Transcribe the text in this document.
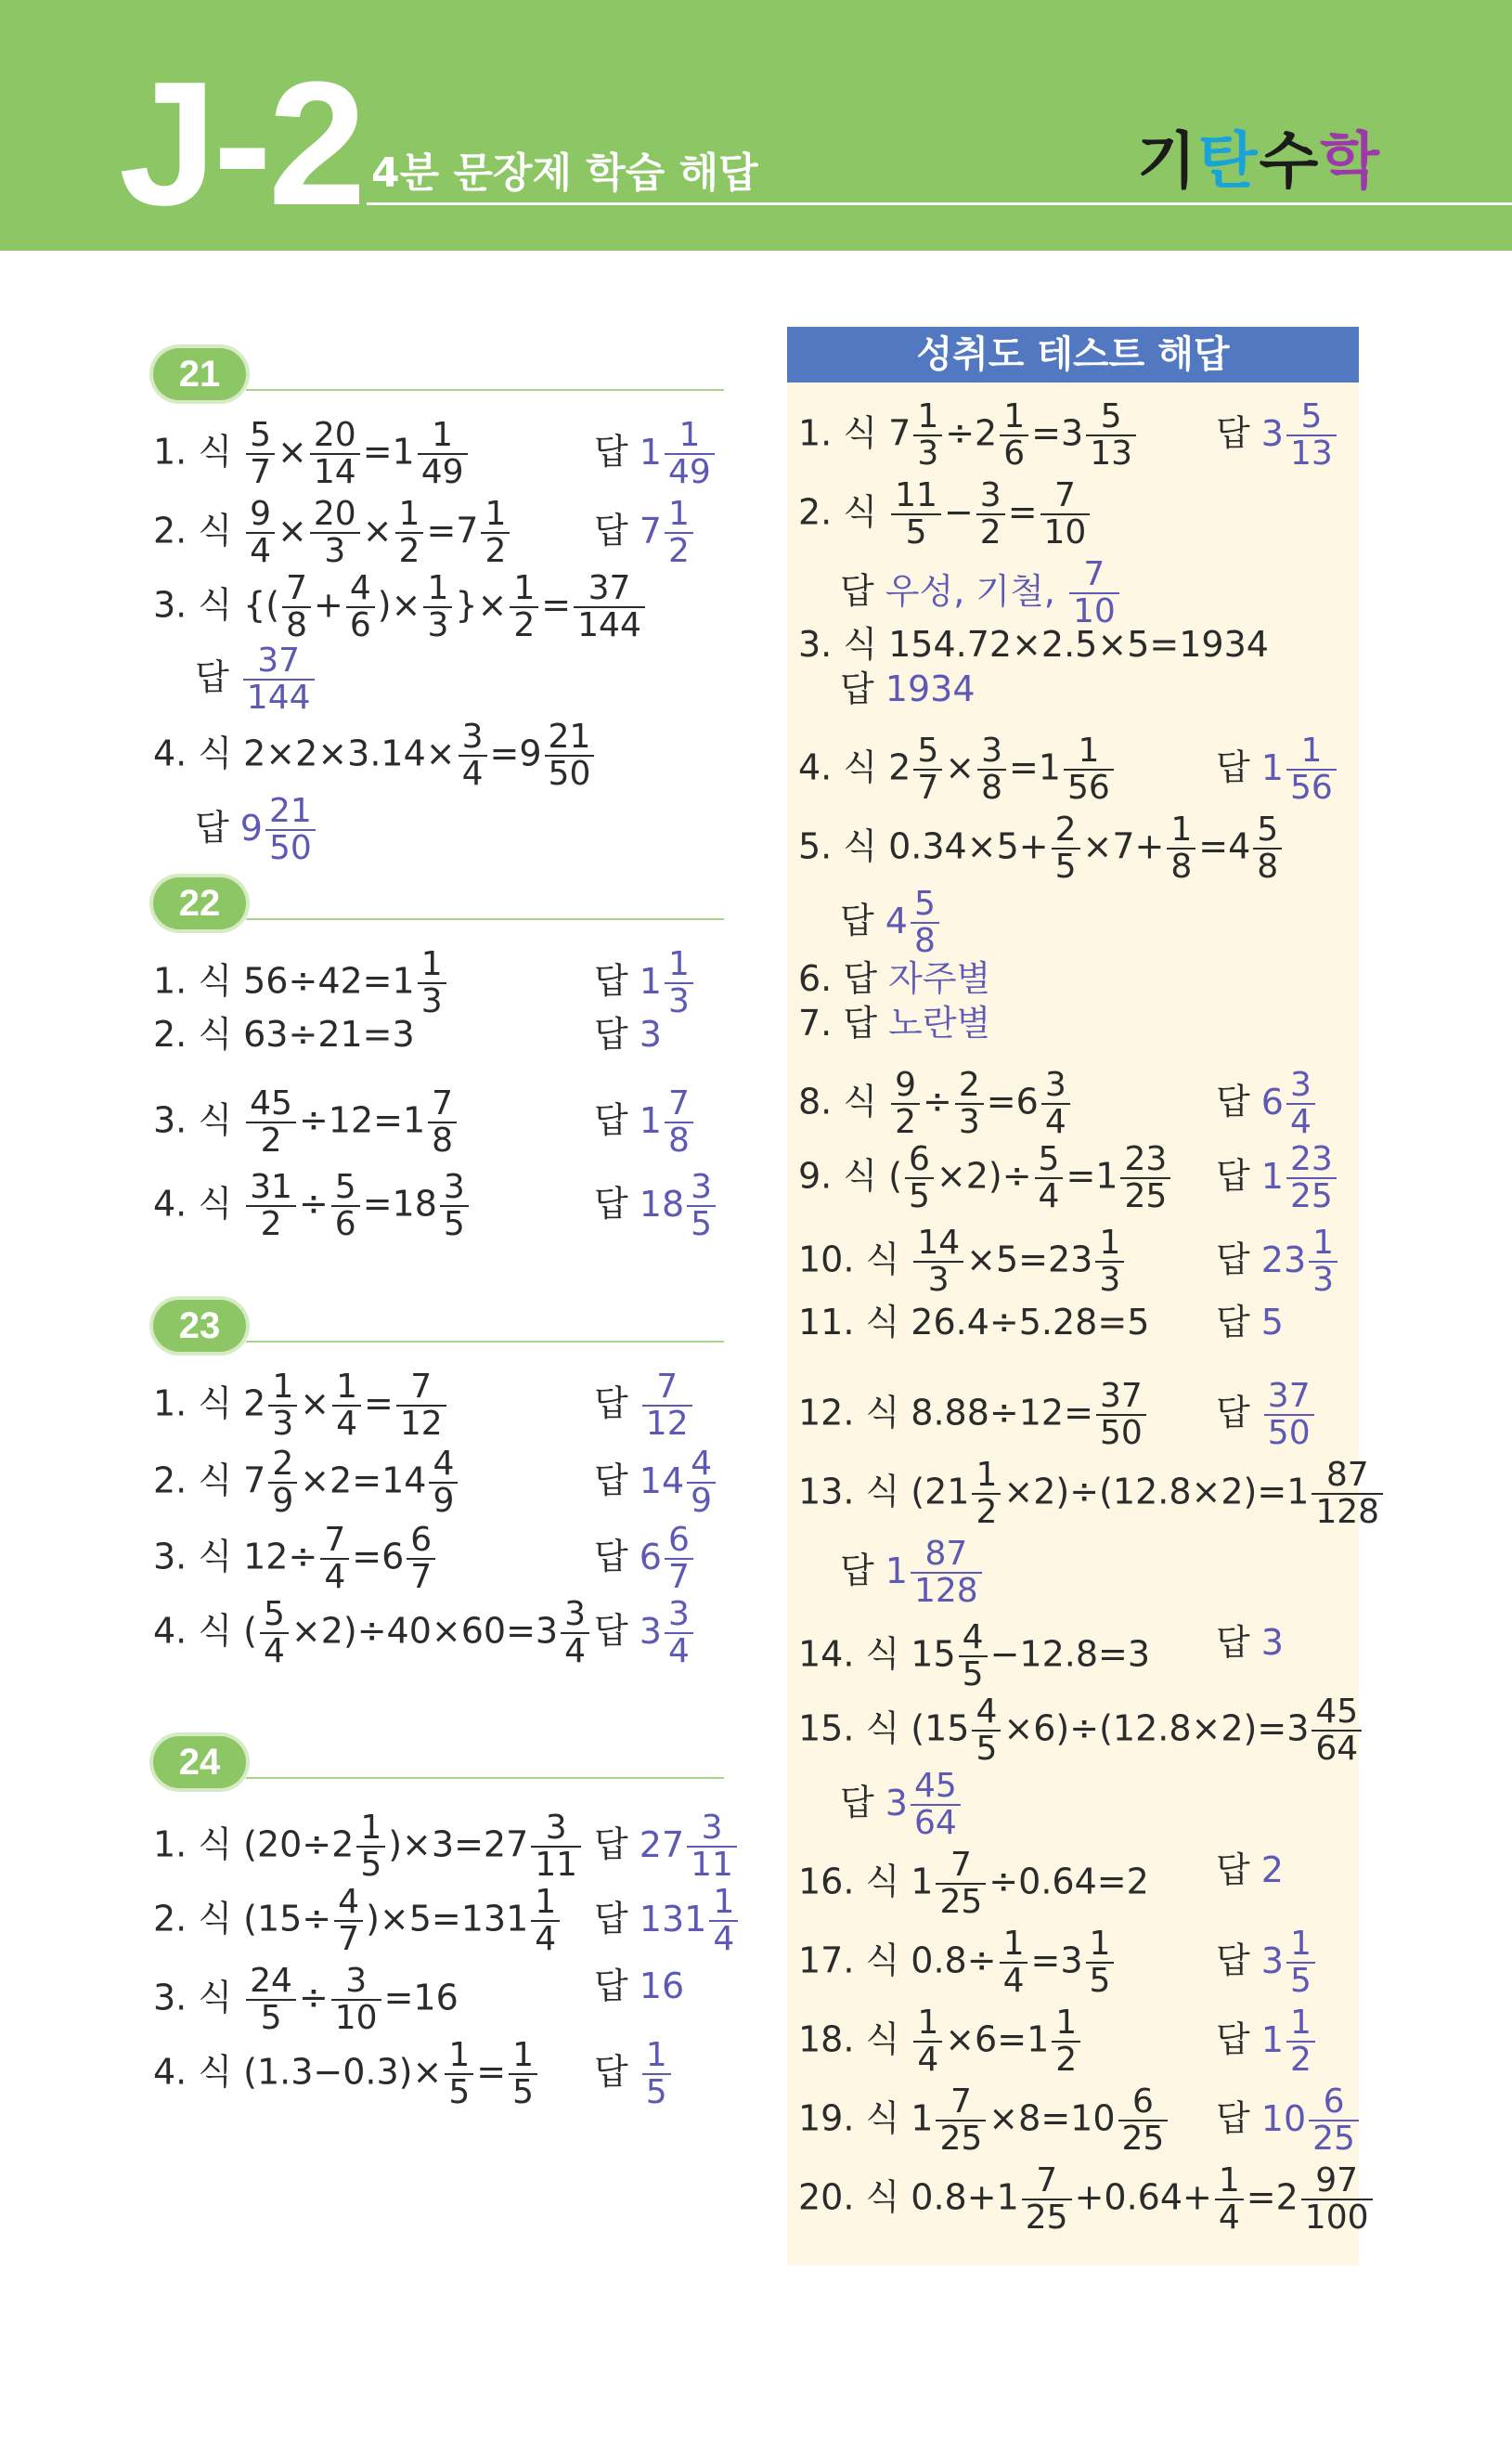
J-2 4분 문장제 학습 해답	기탄수학
성취도 테스트 해답
21
1. 식 $\frac{5}{7} \times \frac{20}{14} =1 \frac{1}{49}$	답 $1 \frac{1}{49}$
2. 식 $\frac{9}{4} \times \frac{20}{3} \times \frac{1}{2} =7 \frac{1}{2}$ 답 $7 \frac{1}{2}$
3. 식 {( $\frac{7}{8} + \frac{4}{6}$ )× $\frac{1}{3}$ }× $\frac{1}{2} = \frac{37}{144}$
답 $\frac{37}{144}$
4. 식 $2\times 2\times 3.14\times \frac{3}{4} =9 \frac{21}{50}$
답 $9 \frac{21}{50}$
22
1. 식 $56\div 42=1 \frac{1}{3}$	답 $1 \frac{1}{3}$
2. 식 63÷21=3	답 3
3. 식 $\frac{45}{2} \div 12=1 \frac{7}{8}$	답 $1 \frac{7}{8}$
4. 식 $\frac{31}{2} \div \frac{5}{6} =18 \frac{3}{5}$	답 $18 \frac{3}{5}$
23
1. 식 $2 \frac{1}{3} \times \frac{1}{4} = \frac{7}{12}$	답 $\frac{7}{12}$
2. 식 $7 \frac{2}{9} \times 2=14 \frac{4}{9}$	답 $14 \frac{4}{9}$
3. 식 $12\div \frac{7}{4} =6 \frac{6}{7}$	답 $6 \frac{6}{7}$
4. 식 ( $\frac{5}{4} \times 2)\div 40\times 60=3 \frac{3}{4}$ 답 $3 \frac{3}{4}$
24
1. 식 $(20\div 2 \frac{1}{5} )\times 3=27 \frac{3}{11}$ 답 $27 \frac{3}{11}$
2. 식 $(15\div \frac{4}{7} )\times 5=131 \frac{1}{4}$ 답 $131 \frac{1}{4}$
3. 식 $\frac{24}{5} \div \frac{3}{10} =16$	답 16
4. 식 $(1.3-0.3)\times \frac{1}{5} = \frac{1}{5}$ 답 $\frac{1}{5}$
1. 식 $7 \frac{1}{3} \div 2 \frac{1}{6} =3 \frac{5}{13}$ 답 $3 \frac{5}{13}$
2. 식 $\frac{11}{5} - \frac{3}{2} = \frac{7}{10}$
답 우성, 기철, $\frac{7}{10}$
3. 식 154.72×2.5×5=1934
답 1934
4. 식 $2 \frac{5}{7} \times \frac{3}{8} =1 \frac{1}{56}$	답 $1 \frac{1}{56}$
5. 식 $0.34\times 5+ \frac{2}{5} \times 7+ \frac{1}{8} =4 \frac{5}{8}$
답 $4 \frac{5}{8}$
6. 답 자주별
7. 답 노란별
8. 식 $\frac{9}{2} \div \frac{2}{3} =6 \frac{3}{4}$	답 $6 \frac{3}{4}$
9. 식 ( $\frac{6}{5} \times 2)\div \frac{5}{4} =1 \frac{23}{25}$ 답 $1 \frac{23}{25}$
10. 식 $\frac{14}{3} \times 5=23 \frac{1}{3}$	답 $23 \frac{1}{3}$
11. 식 26.4÷5.28=5 답 5
12. 식 $8.88\div 12= \frac{37}{50}$ 답 $\frac{37}{50}$
13. 식 $(21 \frac{1}{2} \times 2)\div(12.8\times 2)=1 \frac{87}{128}$
답 $1 \frac{87}{128}$
14. 식 $15 \frac{4}{5} -12.8=3$ 답 3
15. 식 $(15 \frac{4}{5} \times 6)\div(12.8\times 2)=3 \frac{45}{64}$
답 $3 \frac{45}{64}$
16. 식 $1 \frac{7}{25} \div 0.64=2$ 답 2
17. 식 $0.8\div \frac{1}{4} =3 \frac{1}{5}$	답 $3 \frac{1}{5}$
18. 식 $\frac{1}{4} \times 6=1 \frac{1}{2}$	답 $1 \frac{1}{2}$
19. 식 $1 \frac{7}{25} \times 8=10 \frac{6}{25}$ 답 $10 \frac{6}{25}$
20. 식 $0.8+1 \frac{7}{25} +0.64+ \frac{1}{4} =2 \frac{97}{100}$
